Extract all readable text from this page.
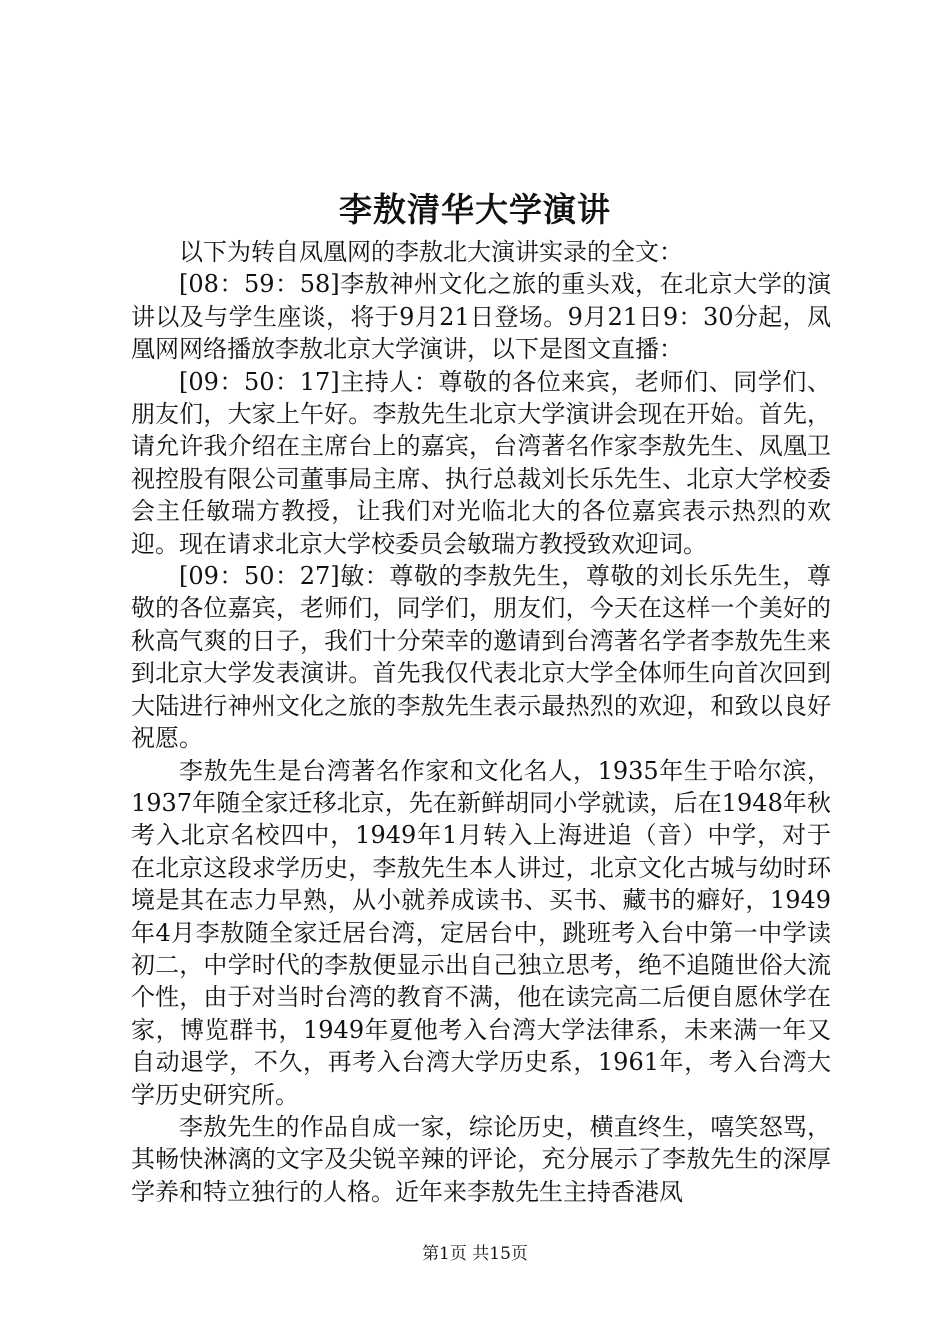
李敖清华大学演讲

以下为转自凤凰网的李敖北大演讲实录的全文：

[08：59：58]李敖神州文化之旅的重头戏，在北京大学的演讲以及与学生座谈，将于9月21日登场。9月21日9：30分起，凤凰网网络播放李敖北京大学演讲，以下是图文直播：

[09：50：17]主持人：尊敬的各位来宾，老师们、同学们、朋友们，大家上午好。李敖先生北京大学演讲会现在开始。首先，请允许我介绍在主席台上的嘉宾，台湾著名作家李敖先生、凤凰卫视控股有限公司董事局主席、执行总裁刘长乐先生、北京大学校委会主任敏瑞方教授，让我们对光临北大的各位嘉宾表示热烈的欢迎。现在请求北京大学校委员会敏瑞方教授致欢迎词。

[09：50：27]敏：尊敬的李敖先生，尊敬的刘长乐先生，尊敬的各位嘉宾，老师们，同学们，朋友们，今天在这样一个美好的秋高气爽的日子，我们十分荣幸的邀请到台湾著名学者李敖先生来到北京大学发表演讲。首先我仅代表北京大学全体师生向首次回到大陆进行神州文化之旅的李敖先生表示最热烈的欢迎，和致以良好祝愿。

李敖先生是台湾著名作家和文化名人，1935年生于哈尔滨，1937年随全家迁移北京，先在新鲜胡同小学就读，后在1948年秋考入北京名校四中，1949年1月转入上海进追（音）中学，对于在北京这段求学历史，李敖先生本人讲过，北京文化古城与幼时环境是其在志力早熟，从小就养成读书、买书、藏书的癖好，1949年4月李敖随全家迁居台湾，定居台中，跳班考入台中第一中学读初二，中学时代的李敖便显示出自己独立思考，绝不追随世俗大流个性，由于对当时台湾的教育不满，他在读完高二后便自愿休学在家，博览群书，1949年夏他考入台湾大学法律系，未来满一年又自动退学，不久，再考入台湾大学历史系，1961年，考入台湾大学历史研究所。

李敖先生的作品自成一家，综论历史，横直终生，嘻笑怒骂，其畅快淋漓的文字及尖锐辛辣的评论，充分展示了李敖先生的深厚学养和特立独行的人格。近年来李敖先生主持香港凤

第1页 共15页
